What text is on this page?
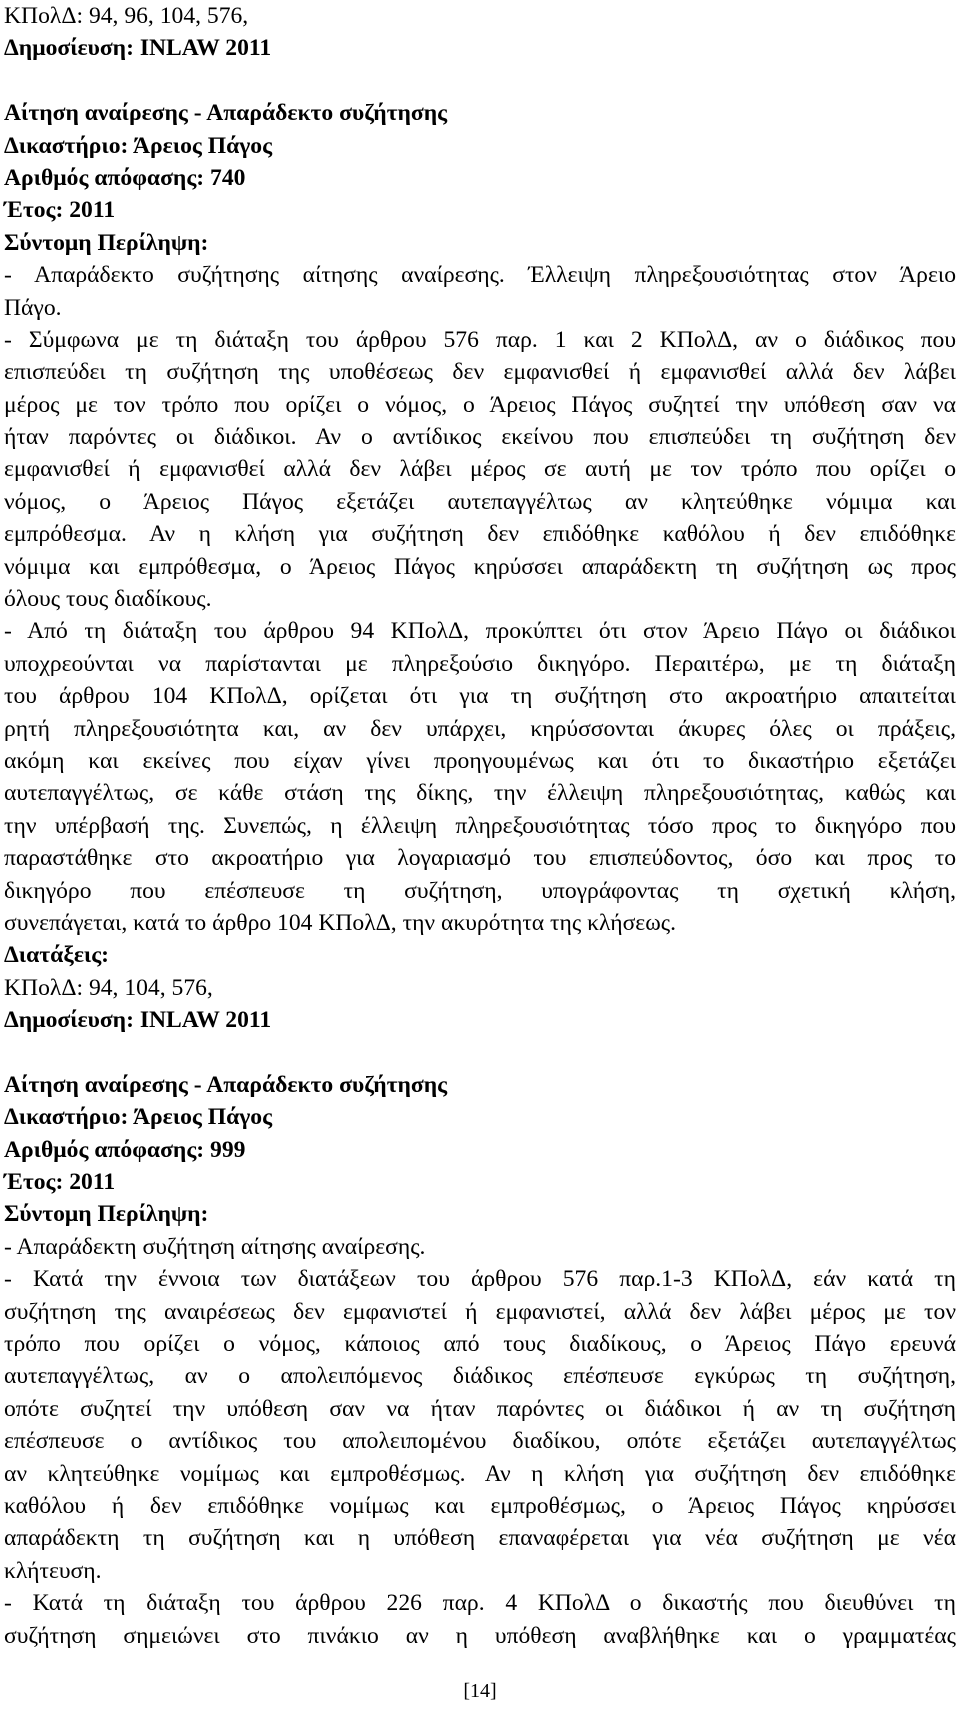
ΚΠολΔ: 94, 96, 104, 576,
Δημοσίευση: INLAW 2011
Αίτηση αναίρεσης - Απαράδεκτο συζήτησης
Δικαστήριο: Άρειος Πάγος
Αριθμός απόφασης: 740
Έτος: 2011
Σύντομη Περίληψη:
- Απαράδεκτο συζήτησης αίτησης αναίρεσης. Έλλειψη πληρεξουσιότητας στον Άρειο
Πάγο.
- Σύμφωνα με τη διάταξη του άρθρου 576 παρ. 1 και 2 ΚΠολΔ, αν ο διάδικος που
επισπεύδει τη συζήτηση της υποθέσεως δεν εμφανισθεί ή εμφανισθεί αλλά δεν λάβει
μέρος με τον τρόπο που ορίζει ο νόμος, ο Άρειος Πάγος συζητεί την υπόθεση σαν να
ήταν παρόντες οι διάδικοι. Αν ο αντίδικος εκείνου που επισπεύδει τη συζήτηση δεν
εμφανισθεί ή εμφανισθεί αλλά δεν λάβει μέρος σε αυτή με τον τρόπο που ορίζει ο
νόμος, ο Άρειος Πάγος εξετάζει αυτεπαγγέλτως αν κλητεύθηκε νόμιμα και
εμπρόθεσμα. Αν η κλήση για συζήτηση δεν επιδόθηκε καθόλου ή δεν επιδόθηκε
νόμιμα και εμπρόθεσμα, ο Άρειος Πάγος κηρύσσει απαράδεκτη τη συζήτηση ως προς
όλους τους διαδίκους.
- Από τη διάταξη του άρθρου 94 ΚΠολΔ, προκύπτει ότι στον Άρειο Πάγο οι διάδικοι
υποχρεούνται να παρίστανται με πληρεξούσιο δικηγόρο. Περαιτέρω, με τη διάταξη
του άρθρου 104 ΚΠολΔ, ορίζεται ότι για τη συζήτηση στο ακροατήριο απαιτείται
ρητή πληρεξουσιότητα και, αν δεν υπάρχει, κηρύσσονται άκυρες όλες οι πράξεις,
ακόμη και εκείνες που είχαν γίνει προηγουμένως και ότι το δικαστήριο εξετάζει
αυτεπαγγέλτως, σε κάθε στάση της δίκης, την έλλειψη πληρεξουσιότητας, καθώς και
την υπέρβασή της. Συνεπώς, η έλλειψη πληρεξουσιότητας τόσο προς το δικηγόρο που
παραστάθηκε στο ακροατήριο για λογαριασμό του επισπεύδοντος, όσο και προς το
δικηγόρο που επέσπευσε τη συζήτηση, υπογράφοντας τη σχετική κλήση,
συνεπάγεται, κατά το άρθρο 104 ΚΠολΔ, την ακυρότητα της κλήσεως.
Διατάξεις:
ΚΠολΔ: 94, 104, 576,
Δημοσίευση: INLAW 2011
Αίτηση αναίρεσης - Απαράδεκτο συζήτησης
Δικαστήριο: Άρειος Πάγος
Αριθμός απόφασης: 999
Έτος: 2011
Σύντομη Περίληψη:
- Απαράδεκτη συζήτηση αίτησης αναίρεσης.
- Κατά την έννοια των διατάξεων του άρθρου 576 παρ.1-3 ΚΠολΔ, εάν κατά τη
συζήτηση της αναιρέσεως δεν εμφανιστεί ή εμφανιστεί, αλλά δεν λάβει μέρος με τον
τρόπο που ορίζει ο νόμος, κάποιος από τους διαδίκους, ο Άρειος Πάγο ερευνά
αυτεπαγγέλτως, αν ο απολειπόμενος διάδικος επέσπευσε εγκύρως τη συζήτηση,
οπότε συζητεί την υπόθεση σαν να ήταν παρόντες οι διάδικοι ή αν τη συζήτηση
επέσπευσε ο αντίδικος του απολειπομένου διαδίκου, οπότε εξετάζει αυτεπαγγέλτως
αν κλητεύθηκε νομίμως και εμπροθέσμως. Αν η κλήση για συζήτηση δεν επιδόθηκε
καθόλου ή δεν επιδόθηκε νομίμως και εμπροθέσμως, ο Άρειος Πάγος κηρύσσει
απαράδεκτη τη συζήτηση και η υπόθεση επαναφέρεται για νέα συζήτηση με νέα
κλήτευση.
- Κατά τη διάταξη του άρθρου 226 παρ. 4 ΚΠολΔ ο δικαστής που διευθύνει τη
συζήτηση σημειώνει στο πινάκιο αν η υπόθεση αναβλήθηκε και ο γραμματέας
[14]
